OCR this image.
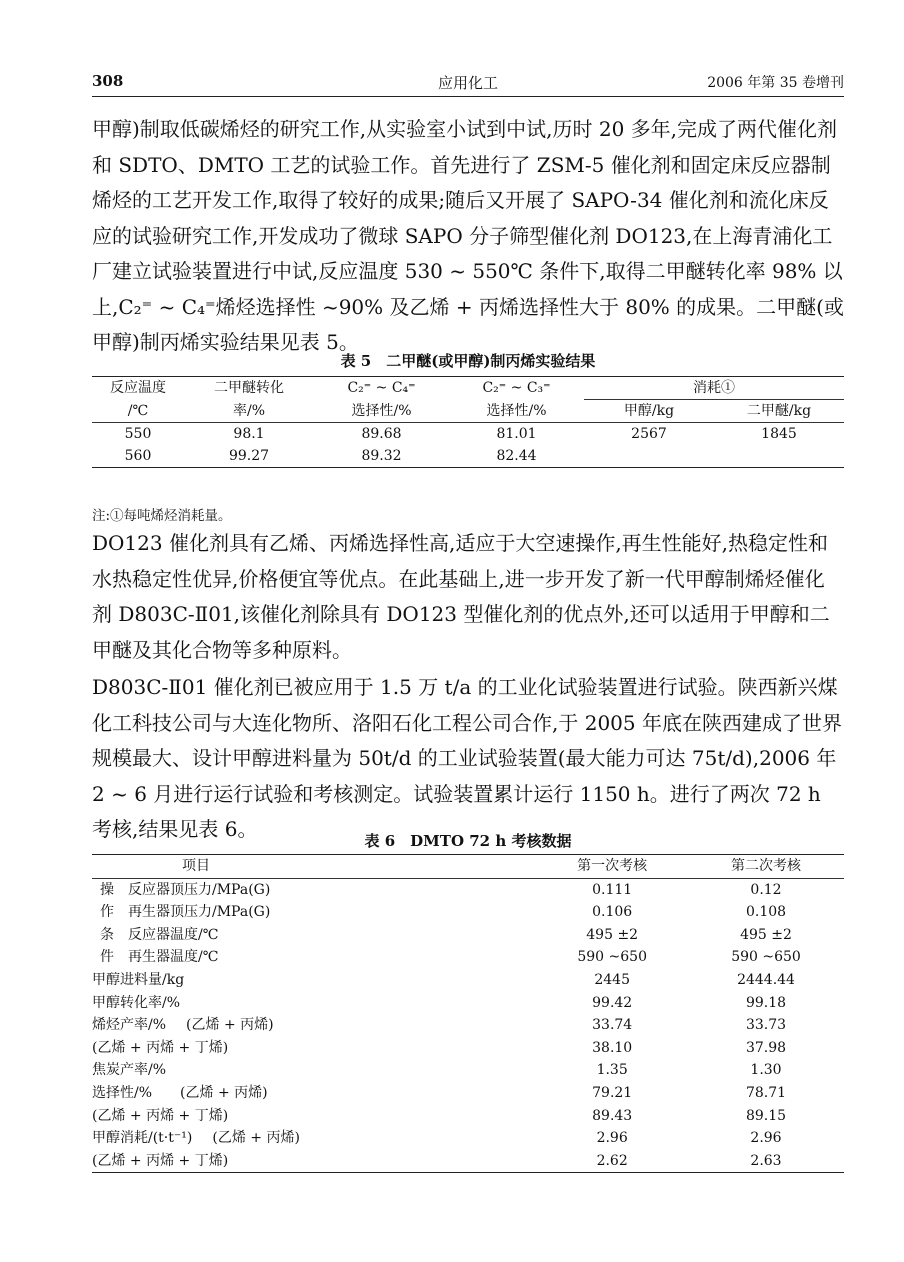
308	应用化工	2006 年第 35 卷增刊

甲醇)制取低碳烯烃的研究工作,从实验室小试到中试,历时 20 多年,完成了两代催化剂和 SDTO、DMTO 工艺的试验工作。首先进行了 ZSM-5 催化剂和固定床反应器制烯烃的工艺开发工作,取得了较好的成果;随后又开展了 SAPO-34 催化剂和流化床反应的试验研究工作,开发成功了微球 SAPO 分子筛型催化剂 DO123,在上海青浦化工厂建立试验装置进行中试,反应温度 530 ~ 550℃ 条件下,取得二甲醚转化率 98% 以上,C₂⁼ ~ C₄⁼烯烃选择性 ~90% 及乙烯 + 丙烯选择性大于 80% 的成果。二甲醚(或甲醇)制丙烯实验结果见表 5。

表 5　二甲醚(或甲醇)制丙烯实验结果
反应温度	二甲醚转化	C₂⁼ ~ C₄⁼	C₂⁼ ~ C₃⁼	消耗①	
/℃	率/%	选择性/%	选择性/%	甲醇/kg	二甲醚/kg
550	98.1	89.68	81.01	2567	1845
560	99.27	89.32	82.44		
注:①每吨烯烃消耗量。

DO123 催化剂具有乙烯、丙烯选择性高,适应于大空速操作,再生性能好,热稳定性和水热稳定性优异,价格便宜等优点。在此基础上,进一步开发了新一代甲醇制烯烃催化剂 D803C-Ⅱ01,该催化剂除具有 DO123 型催化剂的优点外,还可以适用于甲醇和二甲醚及其化合物等多种原料。

D803C-Ⅱ01 催化剂已被应用于 1.5 万 t/a 的工业化试验装置进行试验。陕西新兴煤化工科技公司与大连化物所、洛阳石化工程公司合作,于 2005 年底在陕西建成了世界规模最大、设计甲醇进料量为 50t/d 的工业试验装置(最大能力可达 75t/d),2006 年 2 ~ 6 月进行运行试验和考核测定。试验装置累计运行 1150 h。进行了两次 72 h 考核,结果见表 6。	表 6　DMTO 72 h 考核数据
项目	第一次考核	第二次考核
操 反应器顶压力/MPa(G)	0.111	0.12
作 再生器顶压力/MPa(G)	0.106	0.108
条 反应器温度/℃	495 ±2	495 ±2
件 再生器温度/℃	590 ~650	590 ~650
甲醇进料量/kg	2445	2444.44
甲醇转化率/%	99.42	99.18
烯烃产率/% (乙烯 + 丙烯)	33.74	33.73
(乙烯 + 丙烯 + 丁烯)	38.10	37.98
焦炭产率/%	1.35	1.30
选择性/% (乙烯 + 丙烯)	79.21	78.71
(乙烯 + 丙烯 + 丁烯)	89.43	89.15
甲醇消耗/(t·t⁻¹) (乙烯 + 丙烯)	2.96	2.96
(乙烯 + 丙烯 + 丁烯)	2.62	2.63
